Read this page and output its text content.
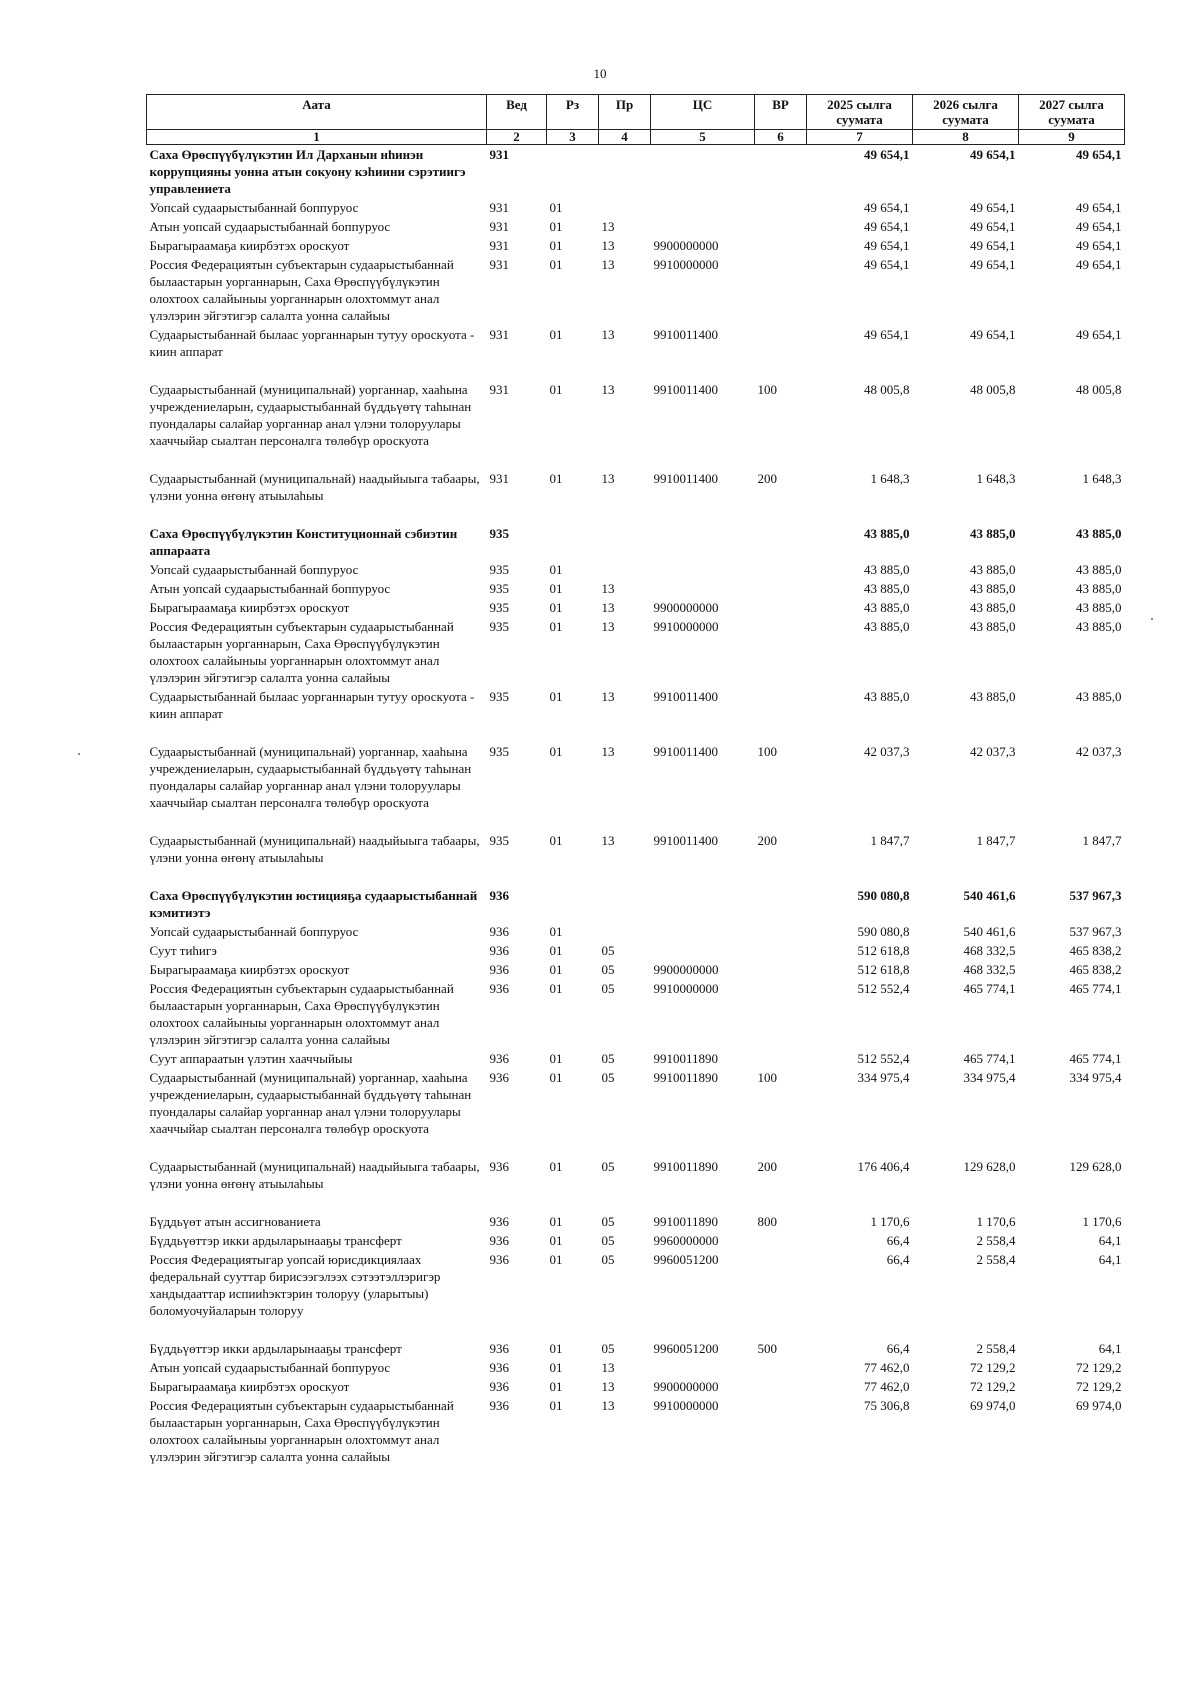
10
Аата	Вед	Рз	Пр	ЦС	ВР	2025 сылга суумата	2026 сылга суумата	2027 сылга суумата
1	2	3	4	5	6	7	8	9
Саха Өрөспүүбүлүкэтин Ил Дарханын нһинэн коррупцияны уонна атын сокуону кэһиини сэрэтиигэ управлениета	931					49 654,1	49 654,1	49 654,1
Уопсай судаарыстыбаннай боппуруос	931	01				49 654,1	49 654,1	49 654,1
Атын уопсай судаарыстыбаннай боппуруос	931	01	13			49 654,1	49 654,1	49 654,1
Бырагыраамаҕа киирбэтэх ороскуот	931	01	13	9900000000		49 654,1	49 654,1	49 654,1
Россия Федерациятын субъектарын судаарыстыбаннай былаастарын уорганнарын, Саха Өрөспүүбүлүкэтин олохтоох салайыныы уорганнарын олохтоммут анал үлэлэрин эйгэтигэр салалта уонна салайыы	931	01	13	9910000000		49 654,1	49 654,1	49 654,1
Судаарыстыбаннай былаас уорганнарын тутуу ороскуота - киин аппарат	931	01	13	9910011400		49 654,1	49 654,1	49 654,1
Судаарыстыбаннай (муниципальнай) уорганнар, хааһына учреждениеларын, судаарыстыбаннай бүддьүөтү таһынан пуондалары салайар уорганнар анал үлэни толоруулары хааччыйар сыалтан персоналга төлөбүр ороскуота	931	01	13	9910011400	100	48 005,8	48 005,8	48 005,8
Судаарыстыбаннай (муниципальнай) наадыйыыга табаары, үлэни уонна өҥөнү атыылаһыы	931	01	13	9910011400	200	1 648,3	1 648,3	1 648,3
Саха Өрөспүүбүлүкэтин Конституционнай сэбиэтин аппараата	935					43 885,0	43 885,0	43 885,0
Уопсай судаарыстыбаннай боппуруос	935	01				43 885,0	43 885,0	43 885,0
Атын уопсай судаарыстыбаннай боппуруос	935	01	13			43 885,0	43 885,0	43 885,0
Бырагыраамаҕа киирбэтэх ороскуот	935	01	13	9900000000		43 885,0	43 885,0	43 885,0
Россия Федерациятын субъектарын судаарыстыбаннай былаастарын уорганнарын, Саха Өрөспүүбүлүкэтин олохтоох салайыныы уорганнарын олохтоммут анал үлэлэрин эйгэтигэр салалта уонна салайыы	935	01	13	9910000000		43 885,0	43 885,0	43 885,0
Судаарыстыбаннай былаас уорганнарын тутуу ороскуота - киин аппарат	935	01	13	9910011400		43 885,0	43 885,0	43 885,0
Судаарыстыбаннай (муниципальнай) уорганнар, хааһына учреждениеларын, судаарыстыбаннай бүддьүөтү таһынан пуондалары салайар уорганнар анал үлэни толоруулары хааччыйар сыалтан персоналга төлөбүр ороскуота	935	01	13	9910011400	100	42 037,3	42 037,3	42 037,3
Судаарыстыбаннай (муниципальнай) наадыйыыга табаары, үлэни уонна өҥөнү атыылаһыы	935	01	13	9910011400	200	1 847,7	1 847,7	1 847,7
Саха Өрөспүүбүлүкэтин юстицияҕа судаарыстыбаннай кэмитиэтэ	936					590 080,8	540 461,6	537 967,3
Уопсай судаарыстыбаннай боппуруос	936	01				590 080,8	540 461,6	537 967,3
Суут тиһигэ	936	01	05			512 618,8	468 332,5	465 838,2
Бырагыраамаҕа киирбэтэх ороскуот	936	01	05	9900000000		512 618,8	468 332,5	465 838,2
Россия Федерациятын субъектарын судаарыстыбаннай былаастарын уорганнарын, Саха Өрөспүүбүлүкэтин олохтоох салайыныы уорганнарын олохтоммут анал үлэлэрин эйгэтигэр салалта уонна салайыы	936	01	05	9910000000		512 552,4	465 774,1	465 774,1
Суут аппараатын үлэтин хааччыйыы	936	01	05	9910011890		512 552,4	465 774,1	465 774,1
Судаарыстыбаннай (муниципальнай) уорганнар, хааһына учреждениеларын, судаарыстыбаннай бүддьүөтү таһынан пуондалары салайар уорганнар анал үлэни толоруулары хааччыйар сыалтан персоналга төлөбүр ороскуота	936	01	05	9910011890	100	334 975,4	334 975,4	334 975,4
Судаарыстыбаннай (муниципальнай) наадыйыыга табаары, үлэни уонна өҥөнү атыылаһыы	936	01	05	9910011890	200	176 406,4	129 628,0	129 628,0
Бүддьүөт атын ассигнованиета	936	01	05	9910011890	800	1 170,6	1 170,6	1 170,6
Бүддьүөттэр икки ардыларынааҕы трансферт	936	01	05	9960000000		66,4	2 558,4	64,1
Россия Федерациятыгар уопсай юрисдикциялаах федеральнай сууттар бирисээгэлээх сэтээтэллэригэр хандыдааттар испииһэктэрин толоруу (уларытыы) боломуочуйаларын толоруу	936	01	05	9960051200		66,4	2 558,4	64,1
Бүддьүөттэр икки ардыларынааҕы трансферт	936	01	05	9960051200	500	66,4	2 558,4	64,1
Атын уопсай судаарыстыбаннай боппуруос	936	01	13			77 462,0	72 129,2	72 129,2
Бырагыраамаҕа киирбэтэх ороскуот	936	01	13	9900000000		77 462,0	72 129,2	72 129,2
Россия Федерациятын субъектарын судаарыстыбаннай былаастарын уорганнарын, Саха Өрөспүүбүлүкэтин олохтоох салайыныы уорганнарын олохтоммут анал үлэлэрин эйгэтигэр салалта уонна салайыы	936	01	13	9910000000		75 306,8	69 974,0	69 974,0
